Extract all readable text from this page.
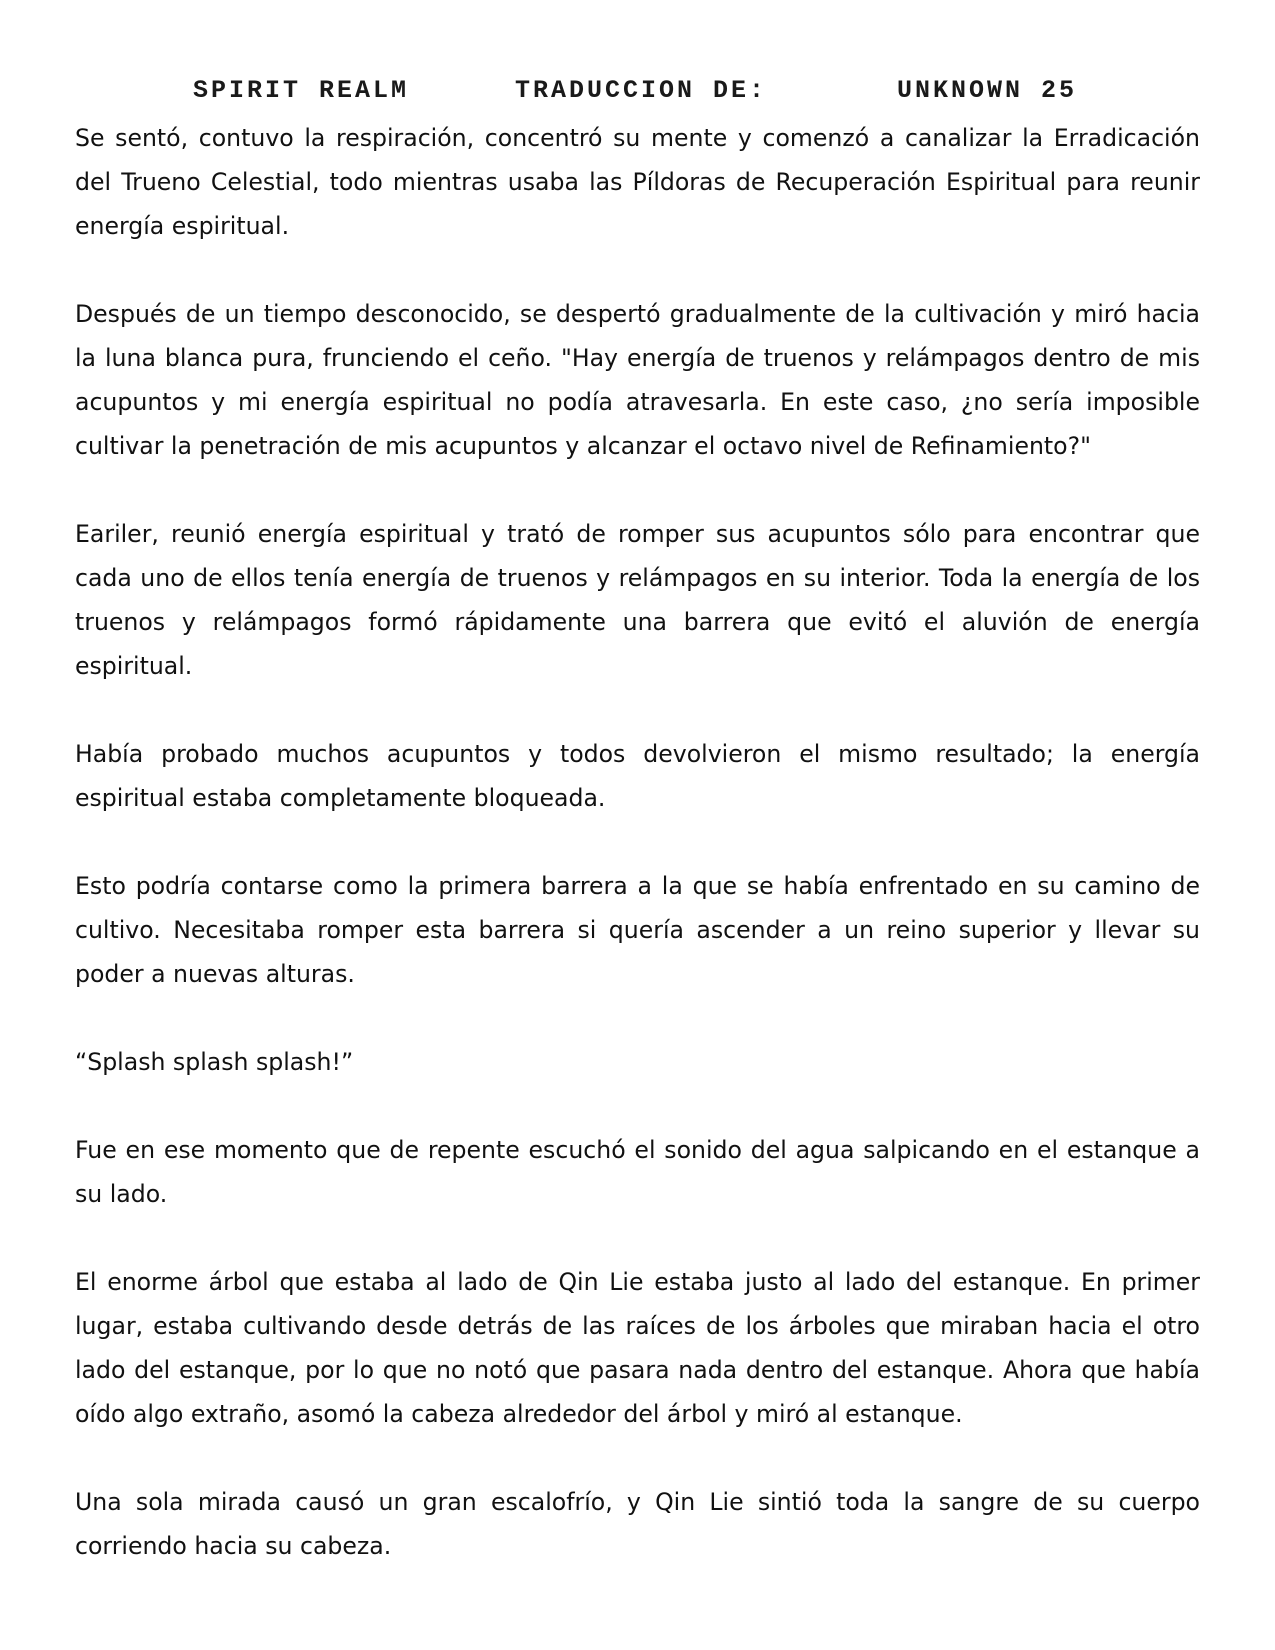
SPIRIT REALM	TRADUCCION DE:	UNKNOWN 25

Se sentó, contuvo la respiración, concentró su mente y comenzó a canalizar la Erradicación del Trueno Celestial, todo mientras usaba las Píldoras de Recuperación Espiritual para reunir energía espiritual.

Después de un tiempo desconocido, se despertó gradualmente de la cultivación y miró hacia la luna blanca pura, frunciendo el ceño. "Hay energía de truenos y relámpagos dentro de mis acupuntos y mi energía espiritual no podía atravesarla. En este caso, ¿no sería imposible cultivar la penetración de mis acupuntos y alcanzar el octavo nivel de Refinamiento?"

Eariler, reunió energía espiritual y trató de romper sus acupuntos sólo para encontrar que cada uno de ellos tenía energía de truenos y relámpagos en su interior. Toda la energía de los truenos y relámpagos formó rápidamente una barrera que evitó el aluvión de energía espiritual.

Había probado muchos acupuntos y todos devolvieron el mismo resultado; la energía espiritual estaba completamente bloqueada.

Esto podría contarse como la primera barrera a la que se había enfrentado en su camino de cultivo. Necesitaba romper esta barrera si quería ascender a un reino superior y llevar su poder a nuevas alturas.

“Splash splash splash!”

Fue en ese momento que de repente escuchó el sonido del agua salpicando en el estanque a su lado.

El enorme árbol que estaba al lado de Qin Lie estaba justo al lado del estanque. En primer lugar, estaba cultivando desde detrás de las raíces de los árboles que miraban hacia el otro lado del estanque, por lo que no notó que pasara nada dentro del estanque. Ahora que había oído algo extraño, asomó la cabeza alrededor del árbol y miró al estanque.

Una sola mirada causó un gran escalofrío, y Qin Lie sintió toda la sangre de su cuerpo corriendo hacia su cabeza.
